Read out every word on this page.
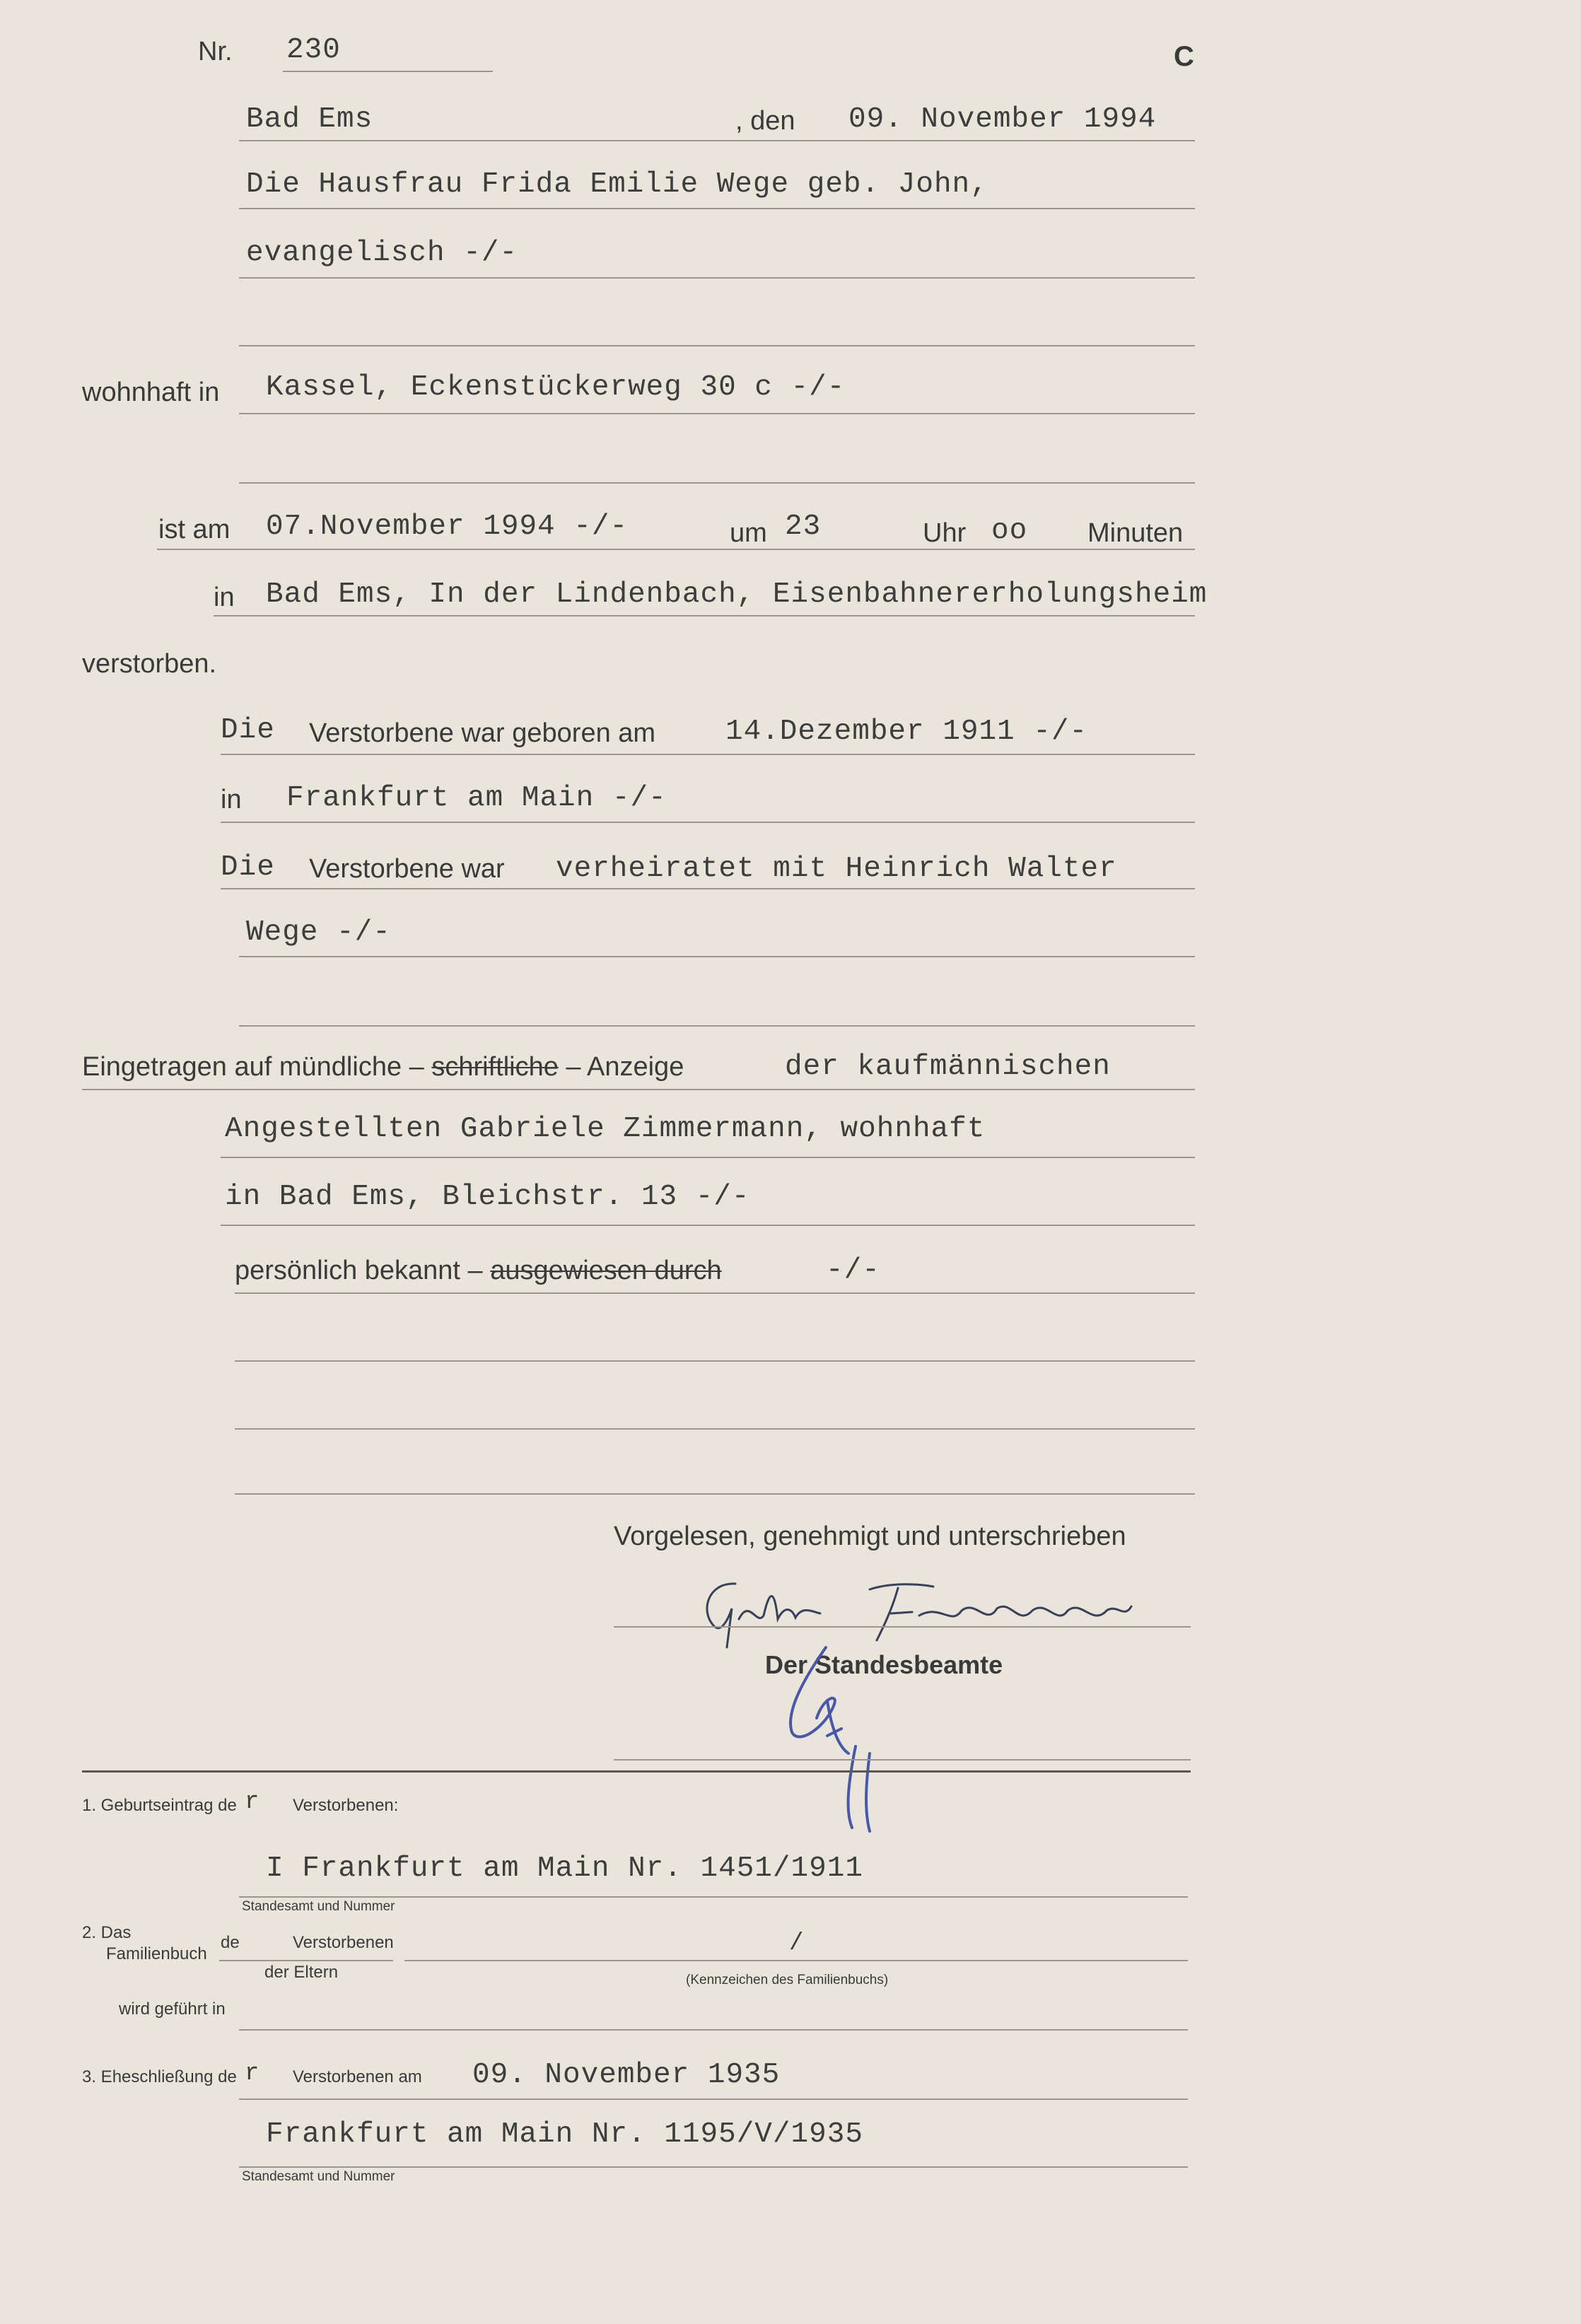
Nr. 230	C
Bad Ems	, den 09. November 1994
Die Hausfrau Frida Emilie Wege geb. John,
evangelisch -/-
wohnhaft in Kassel, Eckenstückerweg 30 c -/-
ist am 07.November 1994 -/-	um 23	Uhr oo Minuten
in Bad Ems, In der Lindenbach, Eisenbahnererholungsheim
verstorben.
Die Verstorbene war geboren am 14.Dezember 1911 -/-
in Frankfurt am Main -/-
Die Verstorbene war verheiratet mit Heinrich Walter
Wege -/-
Eingetragen auf mündliche – schriftliche – Anzeige	der kaufmännischen
Angestellten Gabriele Zimmermann, wohnhaft
in Bad Ems, Bleichstr. 13 -/-
persönlich bekannt – ausgewiesen durch	-/-
Vorgelesen, genehmigt und unterschrieben
Der Standesbeamte
1. Geburtseintrag de r Verstorbenen:
I Frankfurt am Main Nr. 1451/1911
Standesamt und Nummer
2. Das
Familienbuch
de	Verstorbenen	/
der Eltern	(Kennzeichen des Familienbuchs)
wird geführt in
3. Eheschließung de r Verstorbenen am 09. November 1935
Frankfurt am Main Nr. 1195/V/1935
Standesamt und Nummer
